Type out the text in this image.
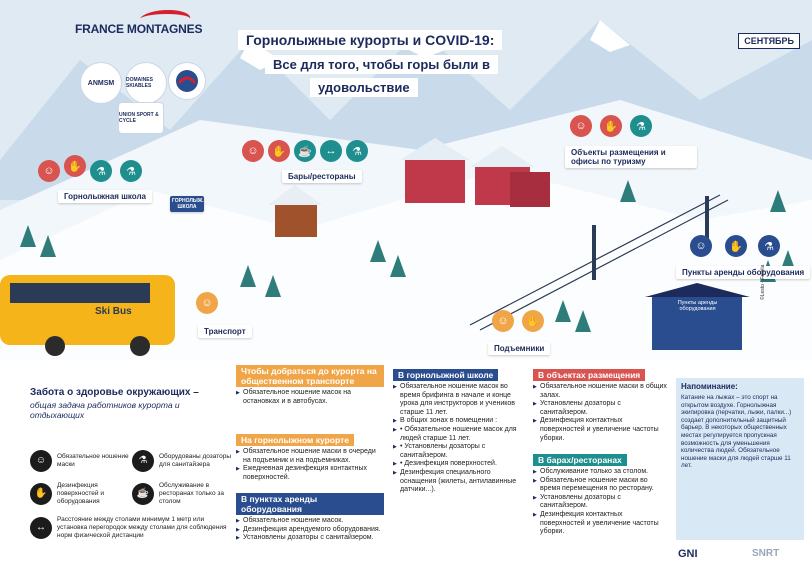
FRANCE MONTAGNES
ANMSM	DOMAINES SKIABLES
UNION SPORT & CYCLE
Горнолыжные курорты и COVID-19:
Все для того, чтобы горы были в
удовольствие
СЕНТЯБРЬ
☺	✋	⚗	⚗
Горнолыжная школа	ГОРНОЛЫЖ. ШКОЛА
☺	✋	☕	↔	⚗
Бары/рестораны
☺	✋	⚗
Объекты размещения и офисы по туризму
☺	✋	⚗
Пункты аренды оборудования
Пункты аренды оборудования
☺
Транспорт
☺	✋
Подъемники
Ski Bus
©Lesto - Fotolia
Забота о здоровье окружающих –
общая задача работников курорта и отдыхающих
☺	Обязательное ношение маски	⚗	Оборудованы дозаторы для санитайзера
✋
Дезинфекция поверхностей и оборудования
☕
Обслуживание в ресторанах только за столом
↔
Расстояние между столами минимум 1 метр или установка перегородок между столами для соблюдения норм физической дистанции
Чтобы добраться до курорта на общественном транспорте
▶ Обязательное ношение масок на остановках и в автобусах.
На горнолыжном курорте
▶ Обязательное ношение маски в очереди на подъемник и на подъемниках.
▶ Ежедневная дезинфекция контактных поверхностей.
В пунктах аренды оборудования
▶ Обязательное ношение масок.
▶ Дезинфекция арендуемого оборудования.
▶ Установлены дозаторы с санитайзером.
В горнолыжной школе
▶ Обязательное ношение масок во время брифинга в начале и конце урока для инструкторов и учеников старше 11 лет.
▶ В общих зонах в помещении :
▶ • Обязательное ношение масок для людей старше 11 лет.
▶ • Установлены дозаторы с санитайзером.
▶ • Дезинфекция поверхностей.
▶ Дезинфекция специального оснащения (жилеты, антилавинные датчики...).
В объектах размещения
▶ Обязательное ношение маски в общих залах.
▶ Установлены дозаторы с санитайзером.
▶ Дезинфекция контактных поверхностей и увеличение частоты уборки.
В барах/ресторанах
▶ Обслуживание только за столом.
▶ Обязательное ношение маски во время перемещения по ресторану.
▶ Установлены дозаторы с санитайзером.
▶ Дезинфекция контактных поверхностей и увеличение частоты уборки.
Напоминание:
Катание на лыжах – это спорт на открытом воздухе. Горнолыжная экипировка (перчатки, лыжи, палки...) создает дополнительный защитный барьер. В некоторых общественных местах регулируется пропускная возможность для уменьшения количества людей. Обязательное ношение маски для людей старше 11 лет.
GNI	SNRT
